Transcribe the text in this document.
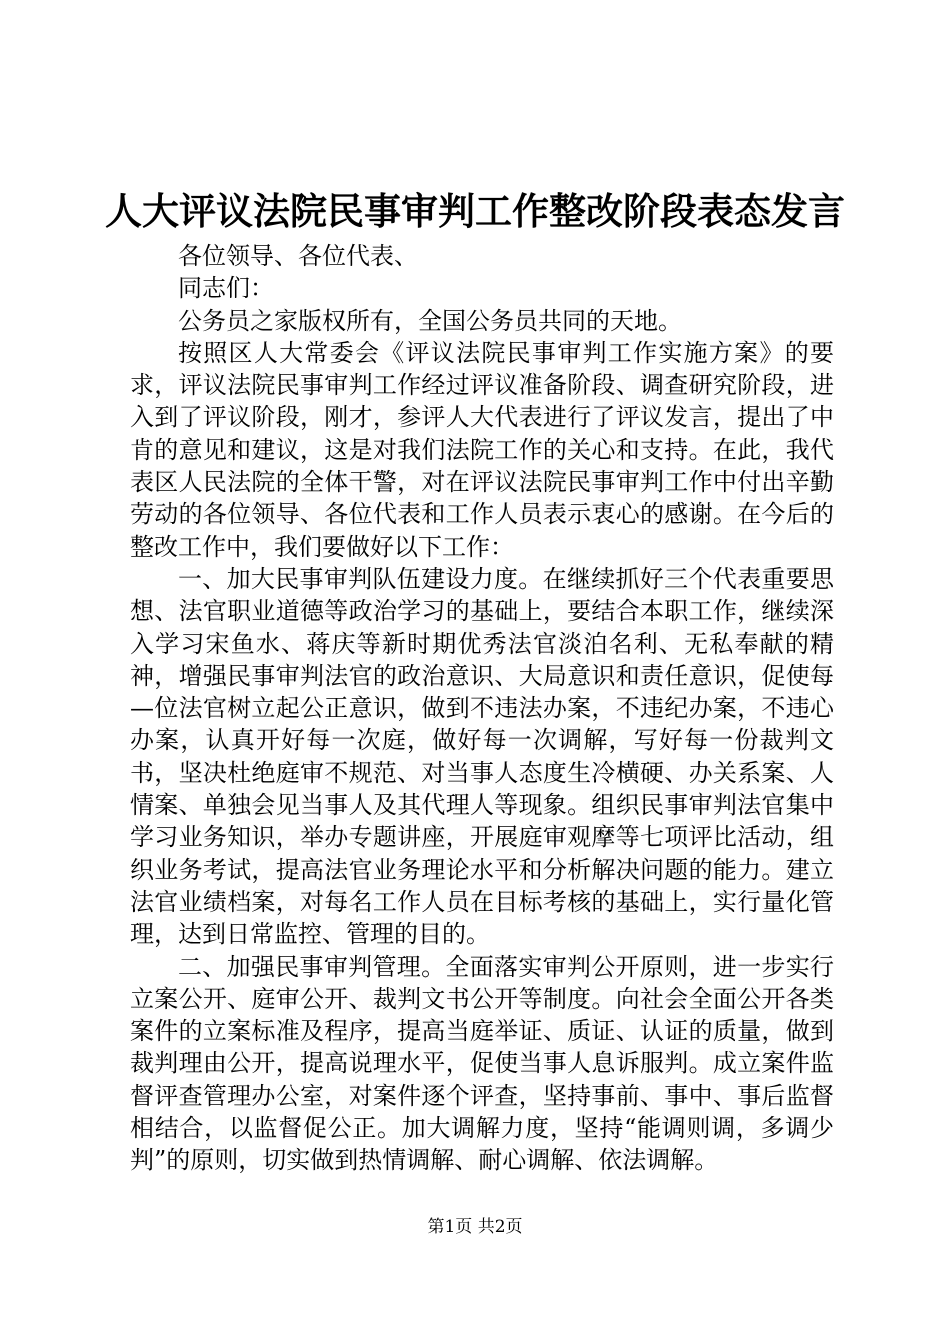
人大评议法院民事审判工作整改阶段表态发言

各位领导、各位代表、

同志们：

公务员之家版权所有，全国公务员共同的天地。

按照区人大常委会《评议法院民事审判工作实施方案》的要求，评议法院民事审判工作经过评议准备阶段、调查研究阶段，进入到了评议阶段，刚才，参评人大代表进行了评议发言，提出了中肯的意见和建议，这是对我们法院工作的关心和支持。在此，我代表区人民法院的全体干警，对在评议法院民事审判工作中付出辛勤劳动的各位领导、各位代表和工作人员表示衷心的感谢。在今后的整改工作中，我们要做好以下工作：

一、加大民事审判队伍建设力度。在继续抓好三个代表重要思想、法官职业道德等政治学习的基础上，要结合本职工作，继续深入学习宋鱼水、蒋庆等新时期优秀法官淡泊名利、无私奉献的精神，增强民事审判法官的政治意识、大局意识和责任意识，促使每—位法官树立起公正意识，做到不违法办案，不违纪办案，不违心办案，认真开好每一次庭，做好每一次调解，写好每一份裁判文书，坚决杜绝庭审不规范、对当事人态度生冷横硬、办关系案、人情案、单独会见当事人及其代理人等现象。组织民事审判法官集中学习业务知识，举办专题讲座，开展庭审观摩等七项评比活动，组织业务考试，提高法官业务理论水平和分析解决问题的能力。建立法官业绩档案，对每名工作人员在目标考核的基础上，实行量化管理，达到日常监控、管理的目的。

二、加强民事审判管理。全面落实审判公开原则，进一步实行立案公开、庭审公开、裁判文书公开等制度。向社会全面公开各类案件的立案标准及程序，提高当庭举证、质证、认证的质量，做到裁判理由公开，提高说理水平，促使当事人息诉服判。成立案件监督评查管理办公室，对案件逐个评查，坚持事前、事中、事后监督相结合，以监督促公正。加大调解力度，坚持“能调则调，多调少判”的原则，切实做到热情调解、耐心调解、依法调解。

第1页 共2页
